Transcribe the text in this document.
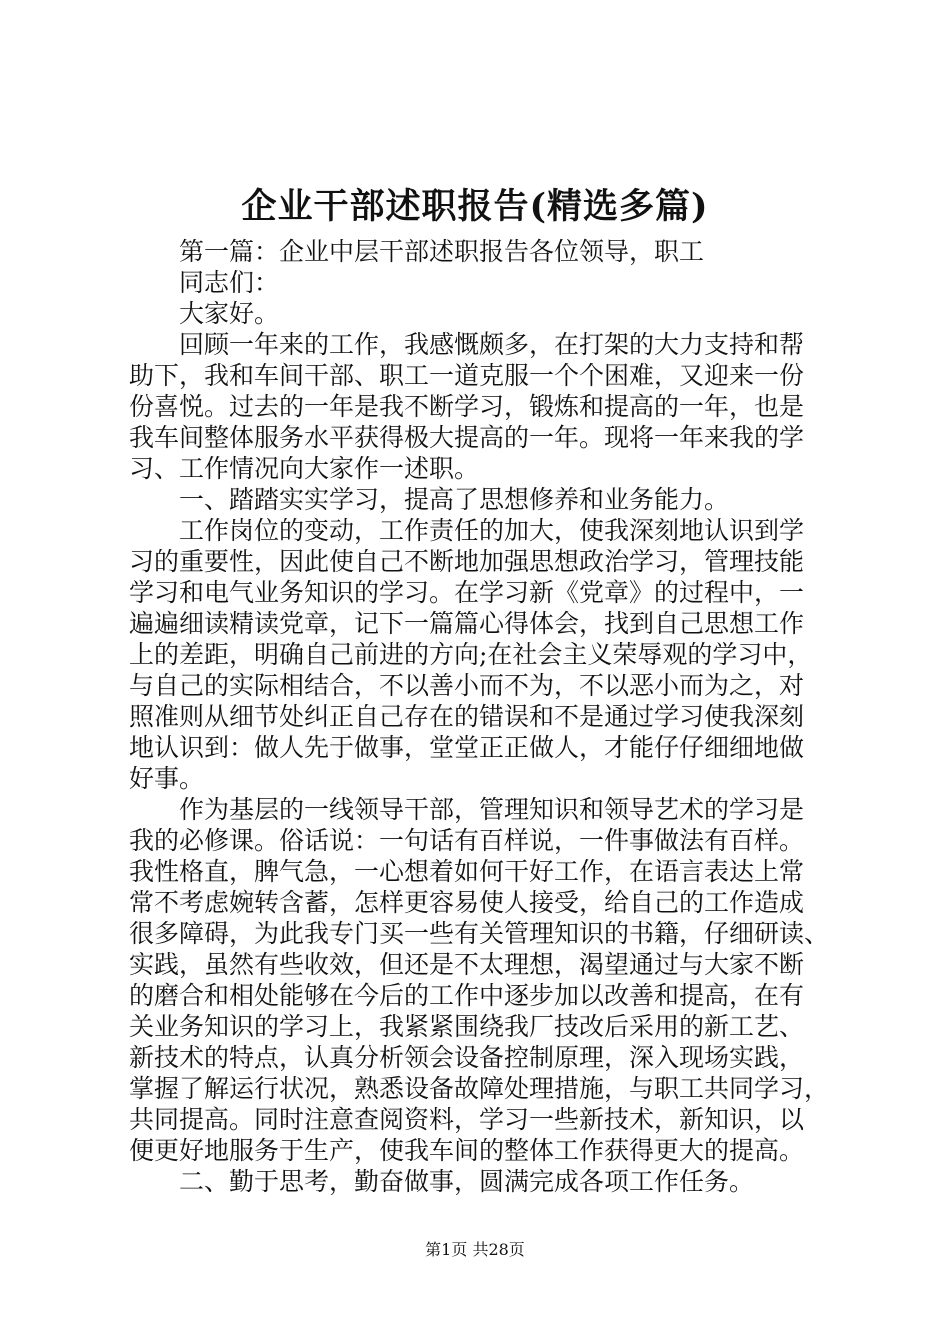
企业干部述职报告(精选多篇)
第一篇：企业中层干部述职报告各位领导，职工
同志们：
大家好。
回顾一年来的工作，我感慨颇多，在打架的大力支持和帮
助下，我和车间干部、职工一道克服一个个困难，又迎来一份
份喜悦。过去的一年是我不断学习，锻炼和提高的一年，也是
我车间整体服务水平获得极大提高的一年。现将一年来我的学
习、工作情况向大家作一述职。
一、踏踏实实学习，提高了思想修养和业务能力。
工作岗位的变动，工作责任的加大，使我深刻地认识到学
习的重要性，因此使自己不断地加强思想政治学习，管理技能
学习和电气业务知识的学习。在学习新《党章》的过程中，一
遍遍细读精读党章，记下一篇篇心得体会，找到自己思想工作
上的差距，明确自己前进的方向;在社会主义荣辱观的学习中，
与自己的实际相结合，不以善小而不为，不以恶小而为之，对
照准则从细节处纠正自己存在的错误和不是通过学习使我深刻
地认识到：做人先于做事，堂堂正正做人，才能仔仔细细地做
好事。
作为基层的一线领导干部，管理知识和领导艺术的学习是
我的必修课。俗话说：一句话有百样说，一件事做法有百样。
我性格直，脾气急，一心想着如何干好工作，在语言表达上常
常不考虑婉转含蓄，怎样更容易使人接受，给自己的工作造成
很多障碍，为此我专门买一些有关管理知识的书籍，仔细研读、
实践，虽然有些收效，但还是不太理想，渴望通过与大家不断
的磨合和相处能够在今后的工作中逐步加以改善和提高，在有
关业务知识的学习上，我紧紧围绕我厂技改后采用的新工艺、
新技术的特点，认真分析领会设备控制原理，深入现场实践，
掌握了解运行状况，熟悉设备故障处理措施，与职工共同学习，
共同提高。同时注意查阅资料，学习一些新技术，新知识，以
便更好地服务于生产，使我车间的整体工作获得更大的提高。
二、勤于思考，勤奋做事，圆满完成各项工作任务。
第1页 共28页
